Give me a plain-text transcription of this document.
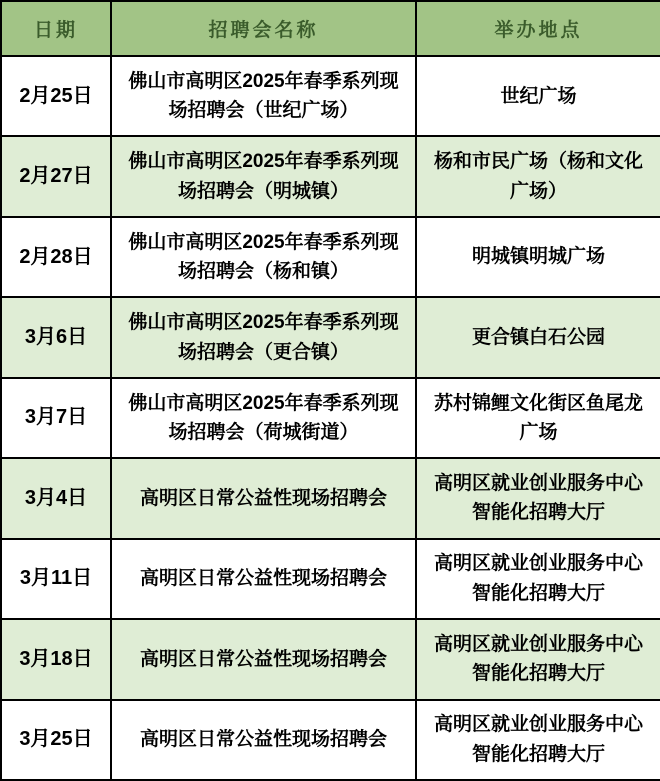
日期	招聘会名称	举办地点
2月25日	佛山市高明区2025年春季系列现场招聘会（世纪广场）	世纪广场
2月27日	佛山市高明区2025年春季系列现场招聘会（明城镇）	杨和市民广场（杨和文化广场）
2月28日	佛山市高明区2025年春季系列现场招聘会（杨和镇）	明城镇明城广场
3月6日	佛山市高明区2025年春季系列现场招聘会（更合镇）	更合镇白石公园
3月7日	佛山市高明区2025年春季系列现场招聘会（荷城街道）	苏村锦鲤文化街区鱼尾龙广场
3月4日	高明区日常公益性现场招聘会	高明区就业创业服务中心智能化招聘大厅
3月11日	高明区日常公益性现场招聘会	高明区就业创业服务中心智能化招聘大厅
3月18日	高明区日常公益性现场招聘会	高明区就业创业服务中心智能化招聘大厅
3月25日	高明区日常公益性现场招聘会	高明区就业创业服务中心智能化招聘大厅
